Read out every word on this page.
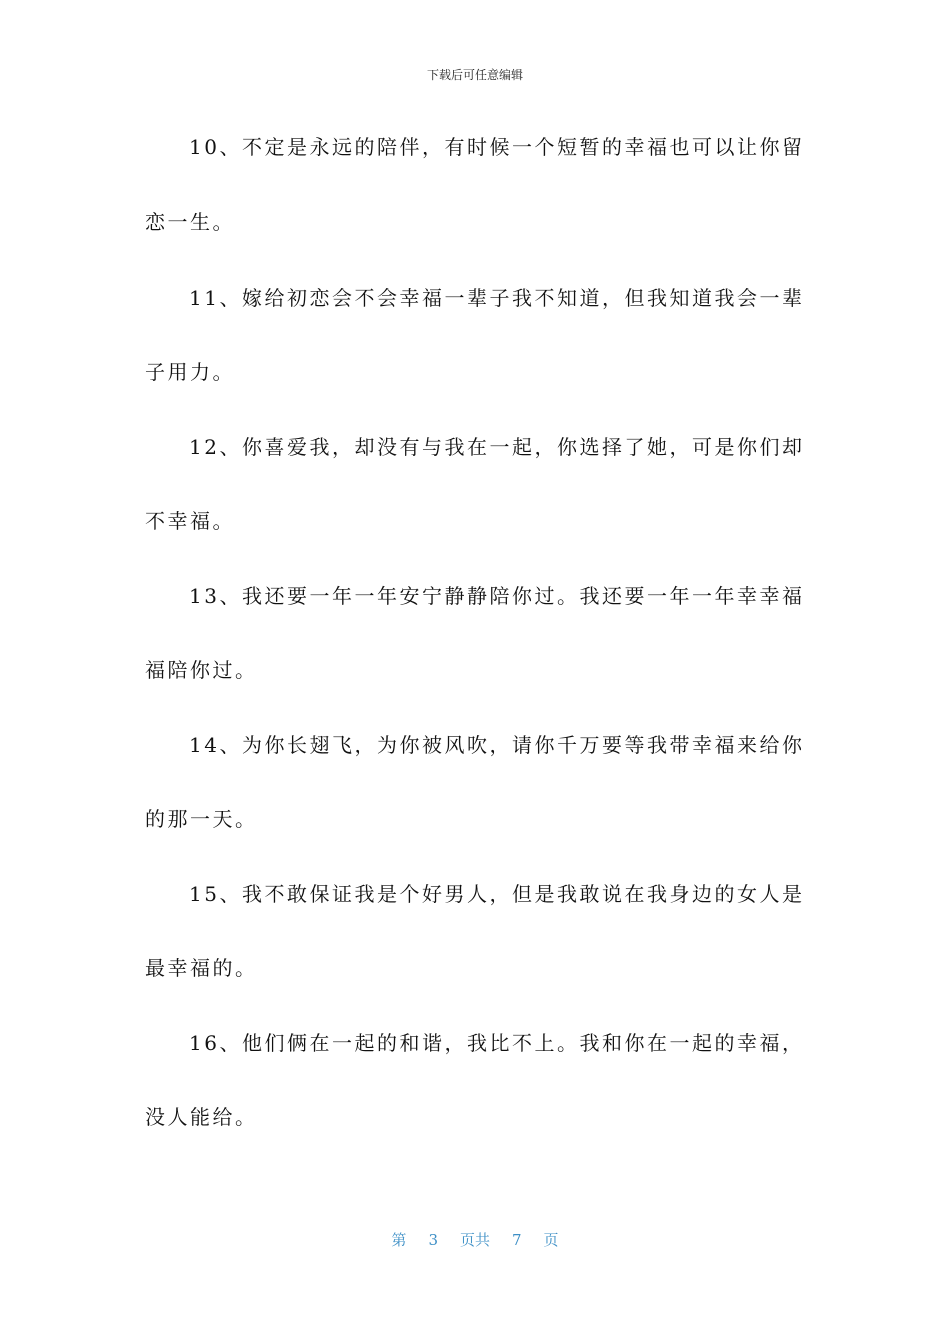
下载后可任意编辑
10、不定是永远的陪伴，有时候一个短暂的幸福也可以让你留
恋一生。
11、嫁给初恋会不会幸福一辈子我不知道，但我知道我会一辈
子用力。
12、你喜爱我，却没有与我在一起，你选择了她，可是你们却
不幸福。
13、我还要一年一年安宁静静陪你过。我还要一年一年幸幸福
福陪你过。
14、为你长翅飞，为你被风吹，请你千万要等我带幸福来给你
的那一天。
15、我不敢保证我是个好男人，但是我敢说在我身边的女人是
最幸福的。
16、他们俩在一起的和谐，我比不上。我和你在一起的幸福，
没人能给。
第 3 页共 7 页
